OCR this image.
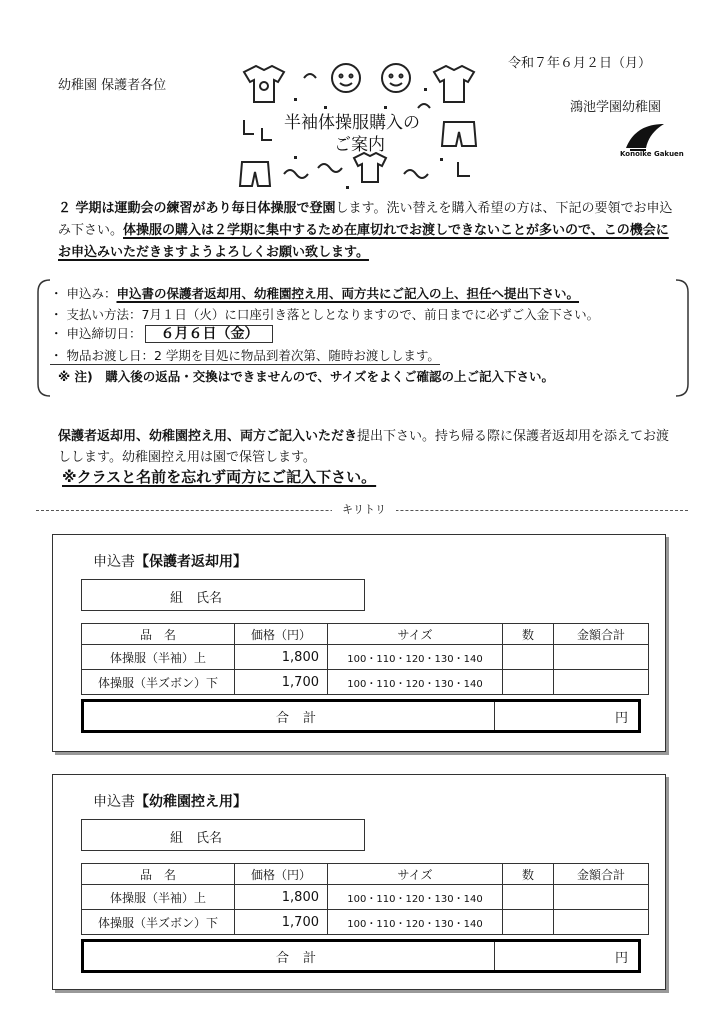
令和７年６月２日（月）
幼稚園 保護者各位
鴻池学園幼稚園
Konoike Gakuen
半袖体操服購入の
ご案内
２ 学期は運動会の練習があり毎日体操服で登園します。洗い替えを購入希望の方は、下記の要領でお申込み下さい。体操服の購入は２学期に集中するため在庫切れでお渡しできないことが多いので、この機会にお申込みいただきますようよろしくお願い致します。
・ 申込み：申込書の保護者返却用、幼稚園控え用、両方共にご記入の上、担任へ提出下さい。
・ 支払い方法：7月１日（火）に口座引き落としとなりますので、前日までに必ずご入金下さい。
・ 申込締切日： ６月６日（金）
・ 物品お渡し日：2 学期を目処に物品到着次第、随時お渡しします。
※ 注)　購入後の返品・交換はできませんので、サイズをよくご確認の上ご記入下さい。
保護者返却用、幼稚園控え用、両方ご記入いただき提出下さい。持ち帰る際に保護者返却用を添えてお渡しします。幼稚園控え用は園で保管します。
※クラスと名前を忘れず両方にご記入下さい。
キリトリ
申込書【保護者返却用】
組　氏名
品　名	価格（円）	サイズ	数	金額合計
体操服（半袖）上	1,800	100・110・120・130・140		
体操服（半ズボン）下	1,700	100・110・120・130・140		
合計	円
申込書【幼稚園控え用】
組　氏名
品　名	価格（円）	サイズ	数	金額合計
体操服（半袖）上	1,800	100・110・120・130・140		
体操服（半ズボン）下	1,700	100・110・120・130・140		
合計	円
